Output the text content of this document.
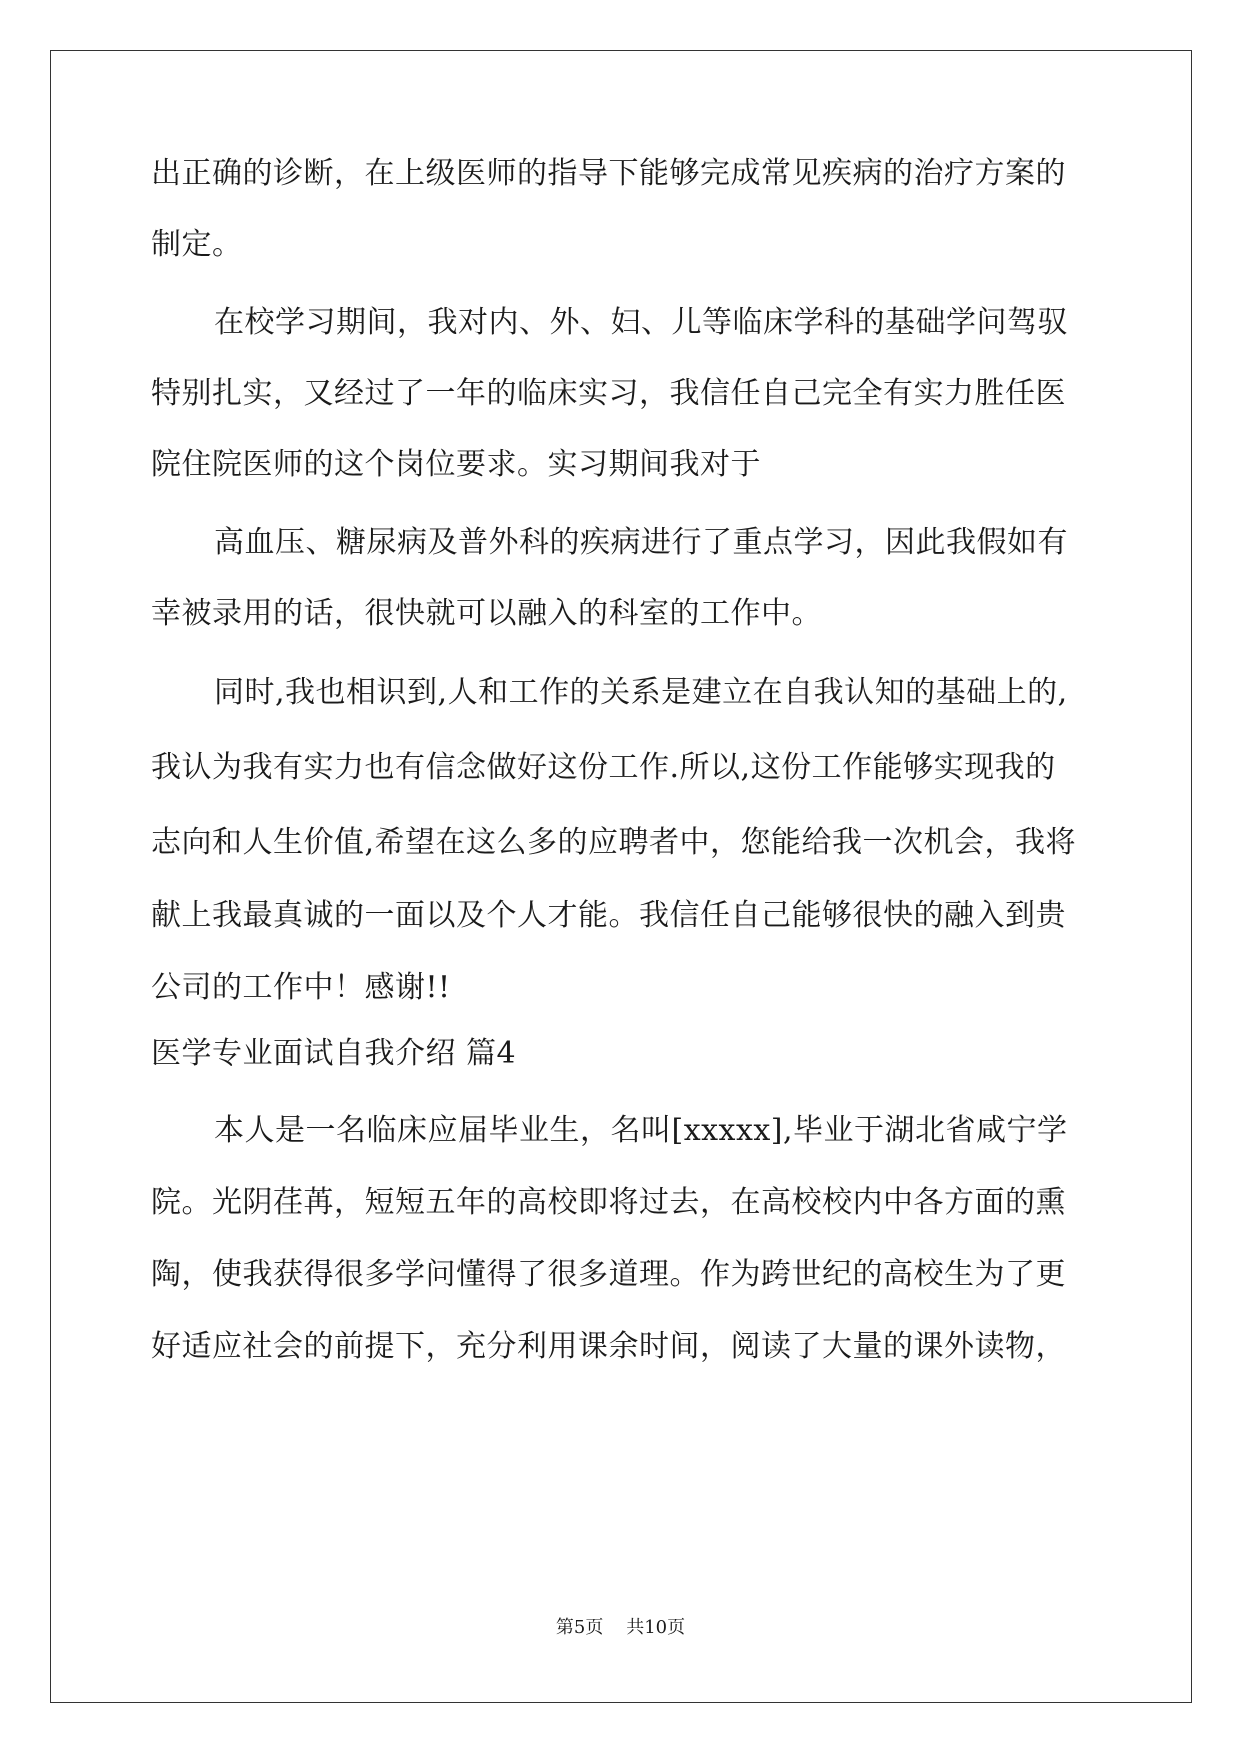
出正确的诊断，在上级医师的指导下能够完成常见疾病的治疗方案的
制定。
在校学习期间，我对内、外、妇、儿等临床学科的基础学问驾驭
特别扎实，又经过了一年的临床实习，我信任自己完全有实力胜任医
院住院医师的这个岗位要求。实习期间我对于
高血压、糖尿病及普外科的疾病进行了重点学习，因此我假如有
幸被录用的话，很快就可以融入的科室的工作中。
同时,我也相识到,人和工作的关系是建立在自我认知的基础上的,
我认为我有实力也有信念做好这份工作.所以,这份工作能够实现我的
志向和人生价值,希望在这么多的应聘者中，您能给我一次机会，我将
献上我最真诚的一面以及个人才能。我信任自己能够很快的融入到贵
公司的工作中！感谢!!
医学专业面试自我介绍 篇4
本人是一名临床应届毕业生，名叫[xxxxx],毕业于湖北省咸宁学
院。光阴荏苒，短短五年的高校即将过去，在高校校内中各方面的熏
陶，使我获得很多学问懂得了很多道理。作为跨世纪的高校生为了更
好适应社会的前提下，充分利用课余时间，阅读了大量的课外读物，
第5页    共10页
